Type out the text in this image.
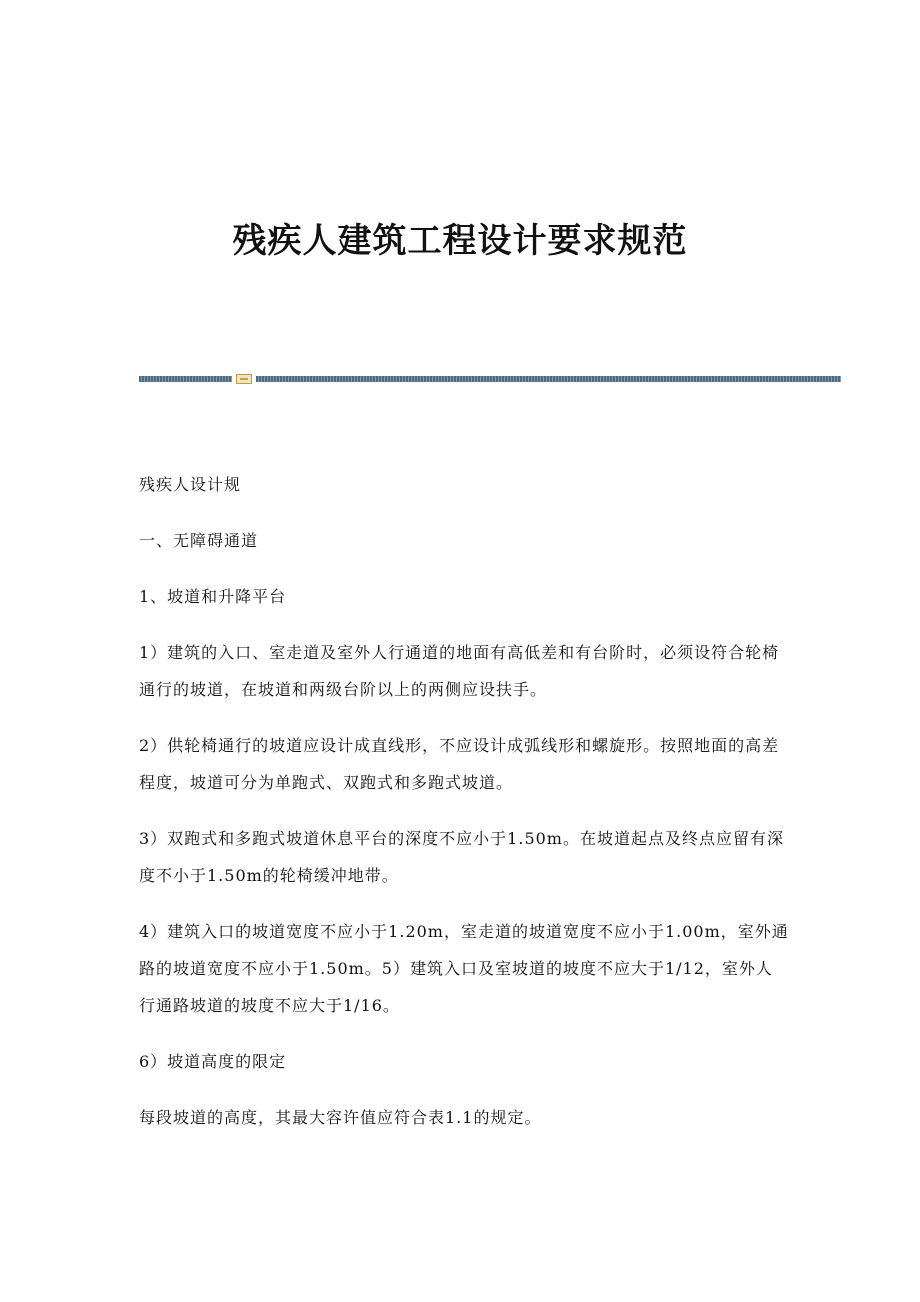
残疾人建筑工程设计要求规范

残疾人设计规

一、无障碍通道

1、坡道和升降平台

1）建筑的入口、室走道及室外人行通道的地面有高低差和有台阶时，必须设符合轮椅通行的坡道，在坡道和两级台阶以上的两侧应设扶手。

2）供轮椅通行的坡道应设计成直线形，不应设计成弧线形和螺旋形。按照地面的高差程度，坡道可分为单跑式、双跑式和多跑式坡道。

3）双跑式和多跑式坡道休息平台的深度不应小于1.50m。在坡道起点及终点应留有深度不小于1.50m的轮椅缓冲地带。

4）建筑入口的坡道宽度不应小于1.20m，室走道的坡道宽度不应小于1.00m，室外通路的坡道宽度不应小于1.50m。5）建筑入口及室坡道的坡度不应大于1/12，室外人行通路坡道的坡度不应大于1/16。

6）坡道高度的限定

每段坡道的高度，其最大容许值应符合表1.1的规定。
